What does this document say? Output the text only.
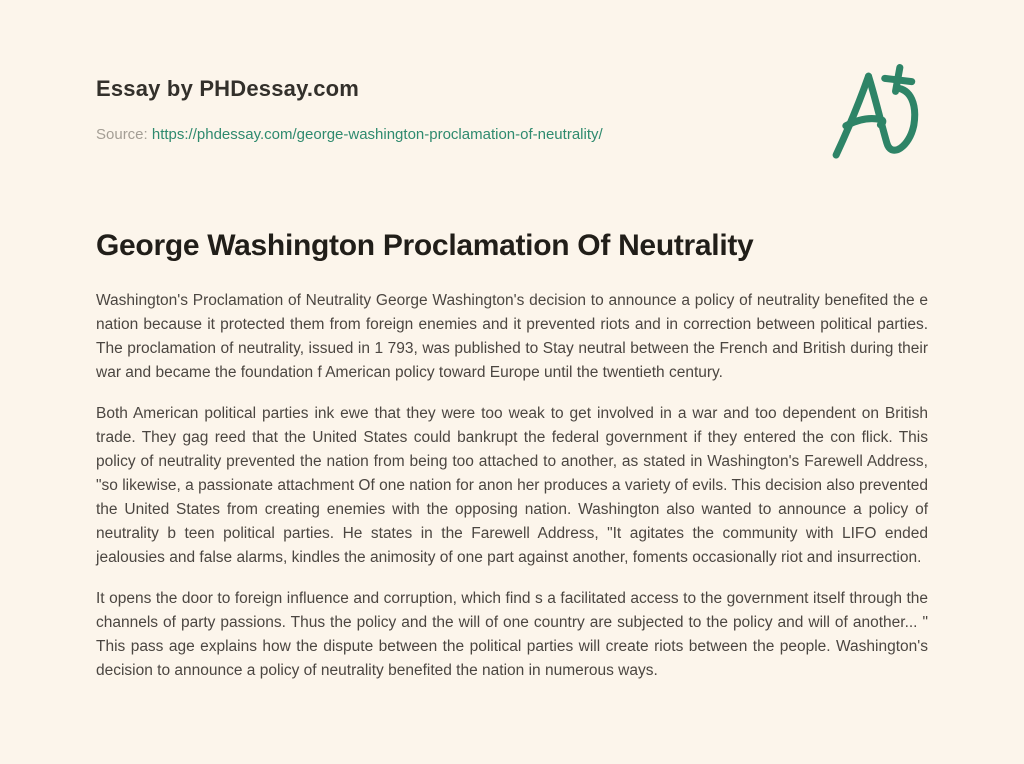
Essay by PHDessay.com
Source: https://phdessay.com/george-washington-proclamation-of-neutrality/
George Washington Proclamation Of Neutrality

Washington's Proclamation of Neutrality George Washington's decision to announce a policy of neutrality benefited the e nation because it protected them from foreign enemies and it prevented riots and in correction between political parties. The proclamation of neutrality, issued in 1 793, was published to Stay neutral between the French and British during their war and became the foundation f American policy toward Europe until the twentieth century.

Both American political parties ink ewe that they were too weak to get involved in a war and too dependent on British trade. They gag reed that the United States could bankrupt the federal government if they entered the con flick. This policy of neutrality prevented the nation from being too attached to another, as stated in Washington's Farewell Address, "so likewise, a passionate attachment Of one nation for anon her produces a variety of evils. This decision also prevented the United States from creating enemies with the opposing nation. Washington also wanted to announce a policy of neutrality b teen political parties. He states in the Farewell Address, "It agitates the community with LIFO ended jealousies and false alarms, kindles the animosity of one part against another, foments occasionally riot and insurrection.

It opens the door to foreign influence and corruption, which find s a facilitated access to the government itself through the channels of party passions. Thus the policy and the will of one country are subjected to the policy and will of another... " This pass age explains how the dispute between the political parties will create riots between the people. Washington's decision to announce a policy of neutrality benefited the nation in numerous ways.
